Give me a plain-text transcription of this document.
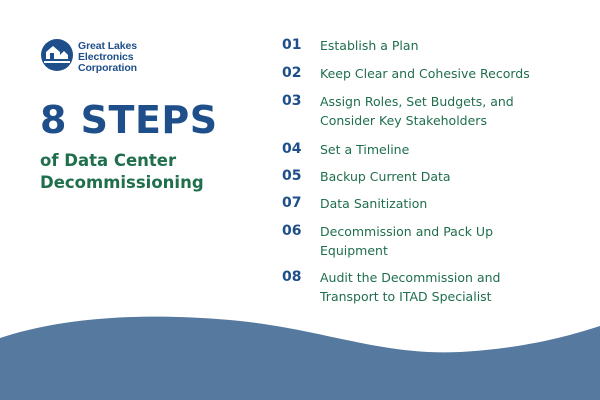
Great Lakes
Electronics
Corporation
8 STEPS
of Data Center
Decommissioning
01 Establish a Plan
02 Keep Clear and Cohesive Records
03 Assign Roles, Set Budgets, and
Consider Key Stakeholders
04 Set a Timeline
05 Backup Current Data
07 Data Sanitization
06 Decommission and Pack Up
Equipment
08 Audit the Decommission and
Transport to ITAD Specialist
